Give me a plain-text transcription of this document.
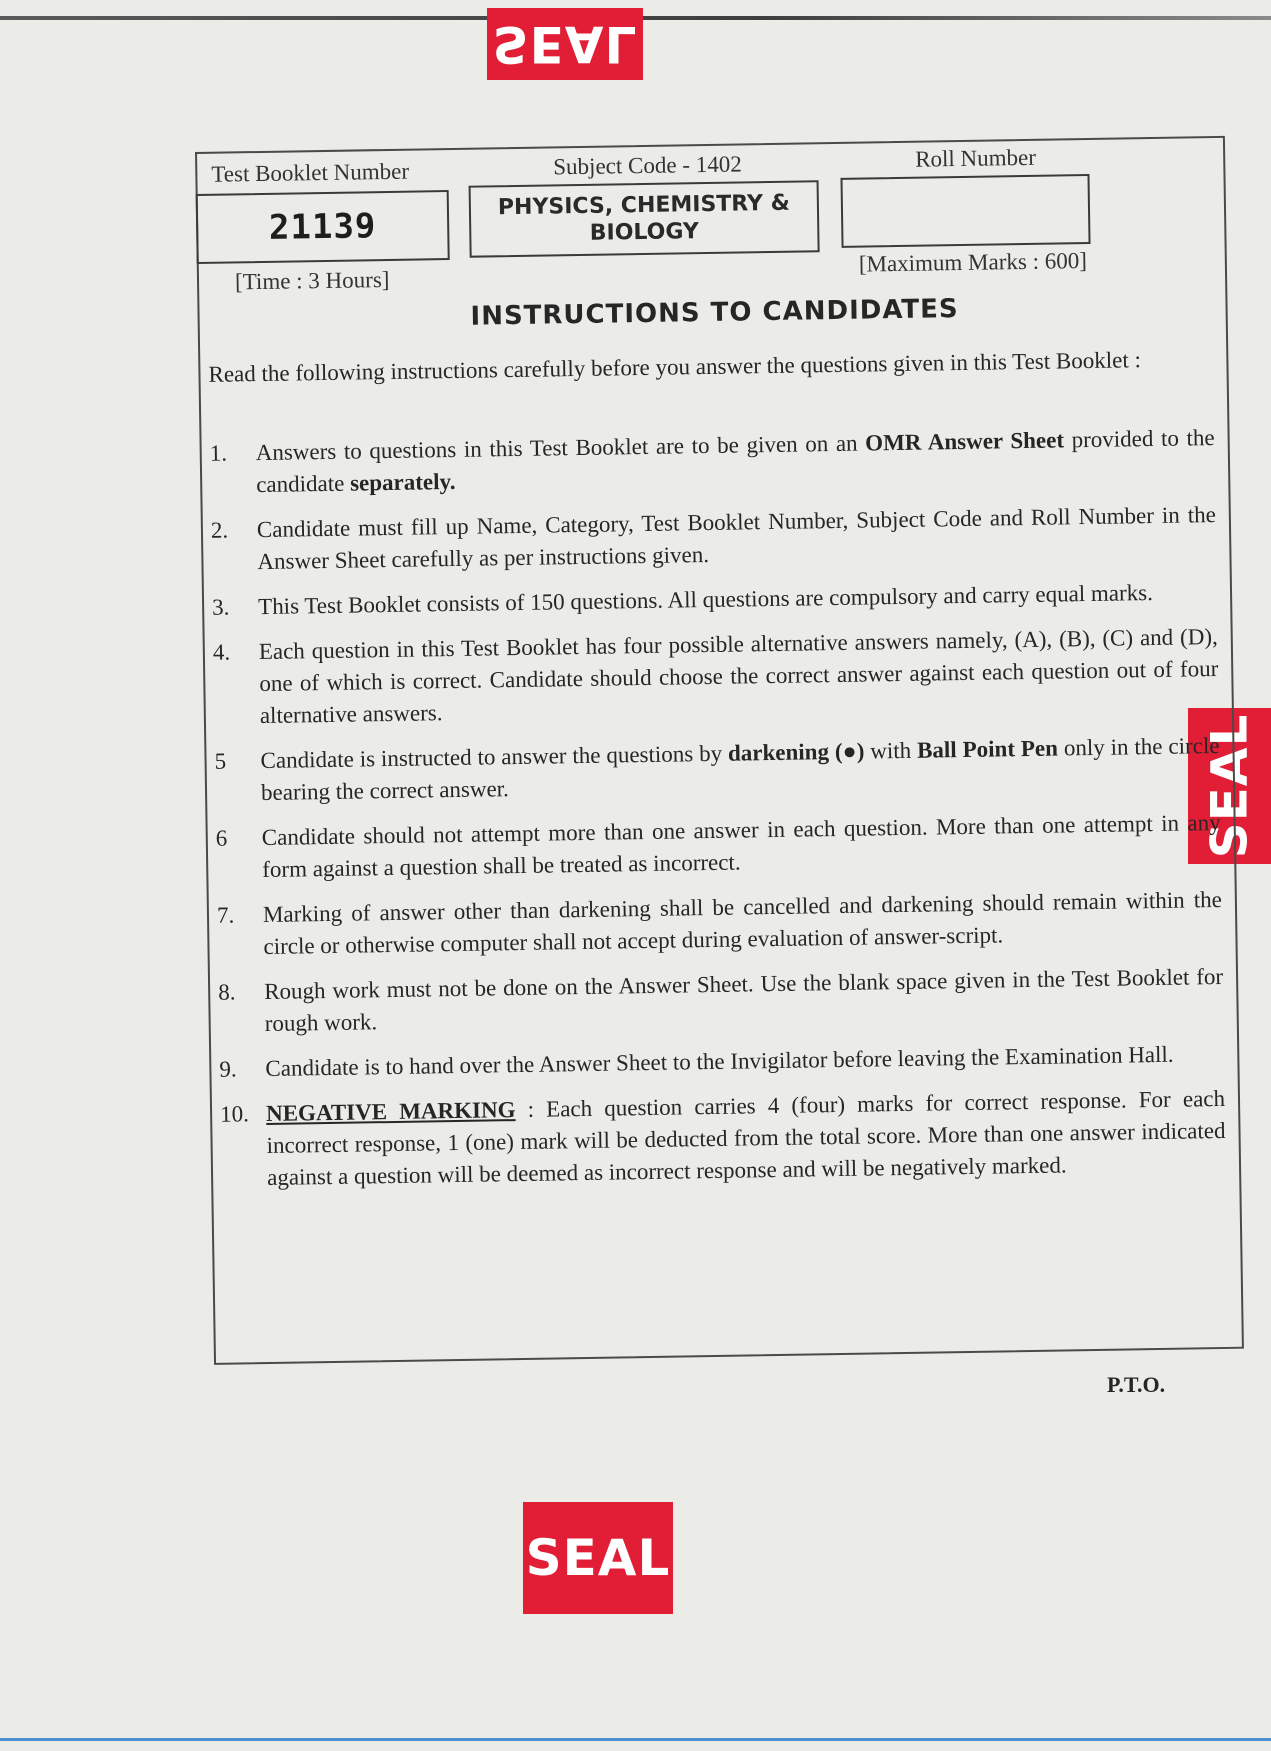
SEAL
SEAL
SEAL
Test Booklet Number
21139
Subject Code - 1402
PHYSICS, CHEMISTRY & BIOLOGY
Roll Number
[Time : 3 Hours]
[Maximum Marks : 600]
INSTRUCTIONS TO CANDIDATES
Read the following instructions carefully before you answer the questions given in this Test Booklet :
1.	Answers to questions in this Test Booklet are to be given on an OMR Answer Sheet provided to the candidate separately.
2.	Candidate must fill up Name, Category, Test Booklet Number, Subject Code and Roll Number in the Answer Sheet carefully as per instructions given.
3.	This Test Booklet consists of 150 questions. All questions are compulsory and carry equal marks.
4.	Each question in this Test Booklet has four possible alternative answers namely, (A), (B), (C) and (D), one of which is correct. Candidate should choose the correct answer against each question out of four alternative answers.
5	Candidate is instructed to answer the questions by darkening (●) with Ball Point Pen only in the circle bearing the correct answer.
6	Candidate should not attempt more than one answer in each question. More than one attempt in any form against a question shall be treated as incorrect.
7.	Marking of answer other than darkening shall be cancelled and darkening should remain within the circle or otherwise computer shall not accept during evaluation of answer-script.
8.	Rough work must not be done on the Answer Sheet. Use the blank space given in the Test Booklet for rough work.
9.	Candidate is to hand over the Answer Sheet to the Invigilator before leaving the Examination Hall.
10. NEGATIVE MARKING : Each question carries 4 (four) marks for correct response. For each incorrect response, 1 (one) mark will be deducted from the total score. More than one answer indicated against a question will be deemed as incorrect response and will be negatively marked.
P.T.O.
